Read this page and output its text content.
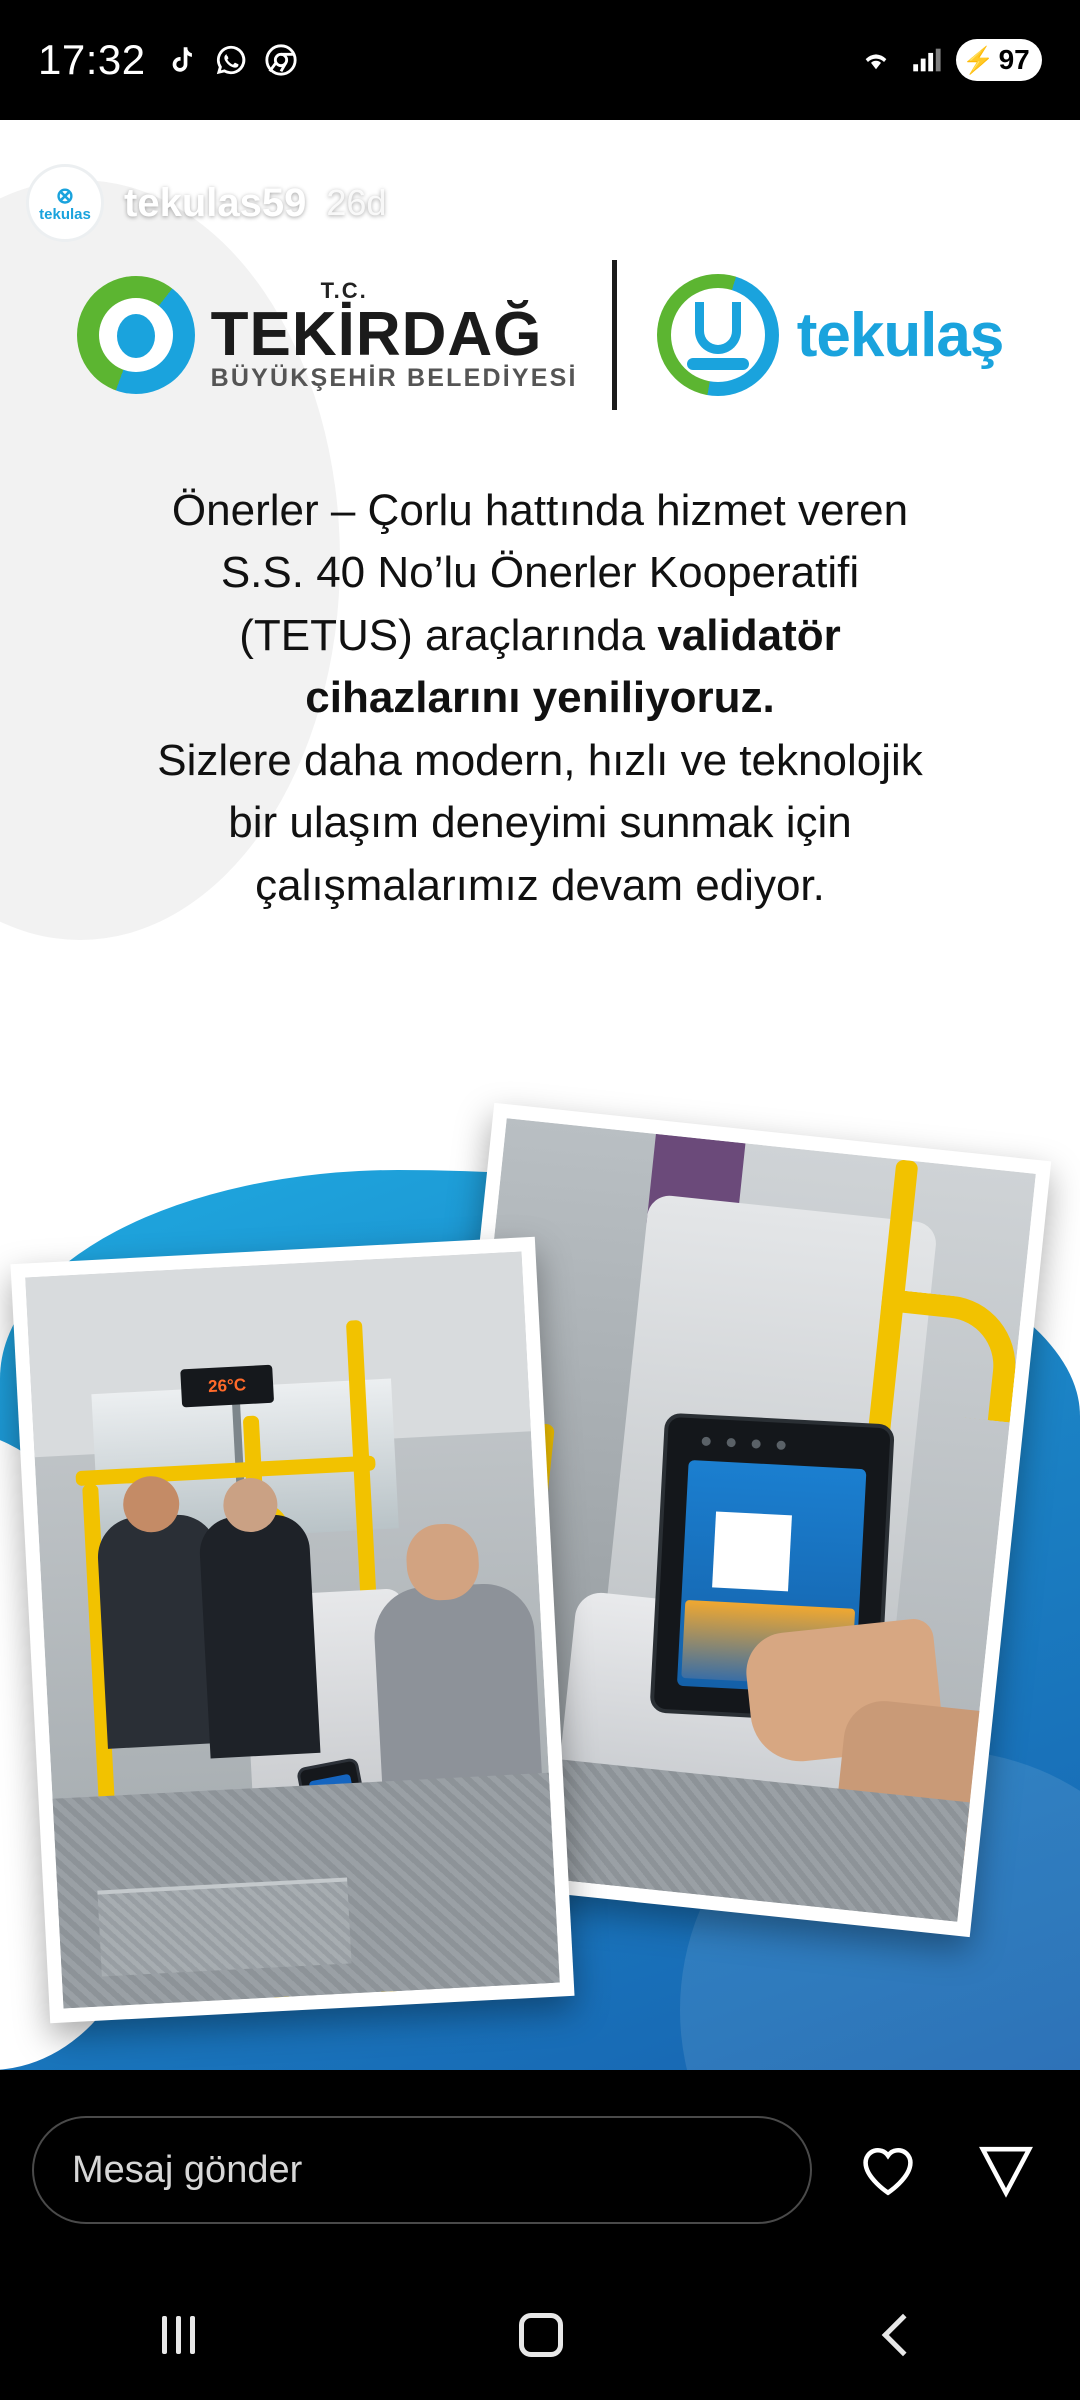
17:32	⚡ 97
T.C.
TEKİRDAĞ
BÜYÜKŞEHİR BELEDİYESİ
tekulaş
Önerler – Çorlu hattında hizmet veren
S.S. 40 No’lu Önerler Kooperatifi
(TETUS) araçlarında validatör
cihazlarını yeniliyoruz.
Sizlere daha modern, hızlı ve teknolojik
bir ulaşım deneyimi sunmak için
çalışmalarımız devam ediyor.
26°C
⊗
tekulas tekulas59 26d
Mesaj gönder
